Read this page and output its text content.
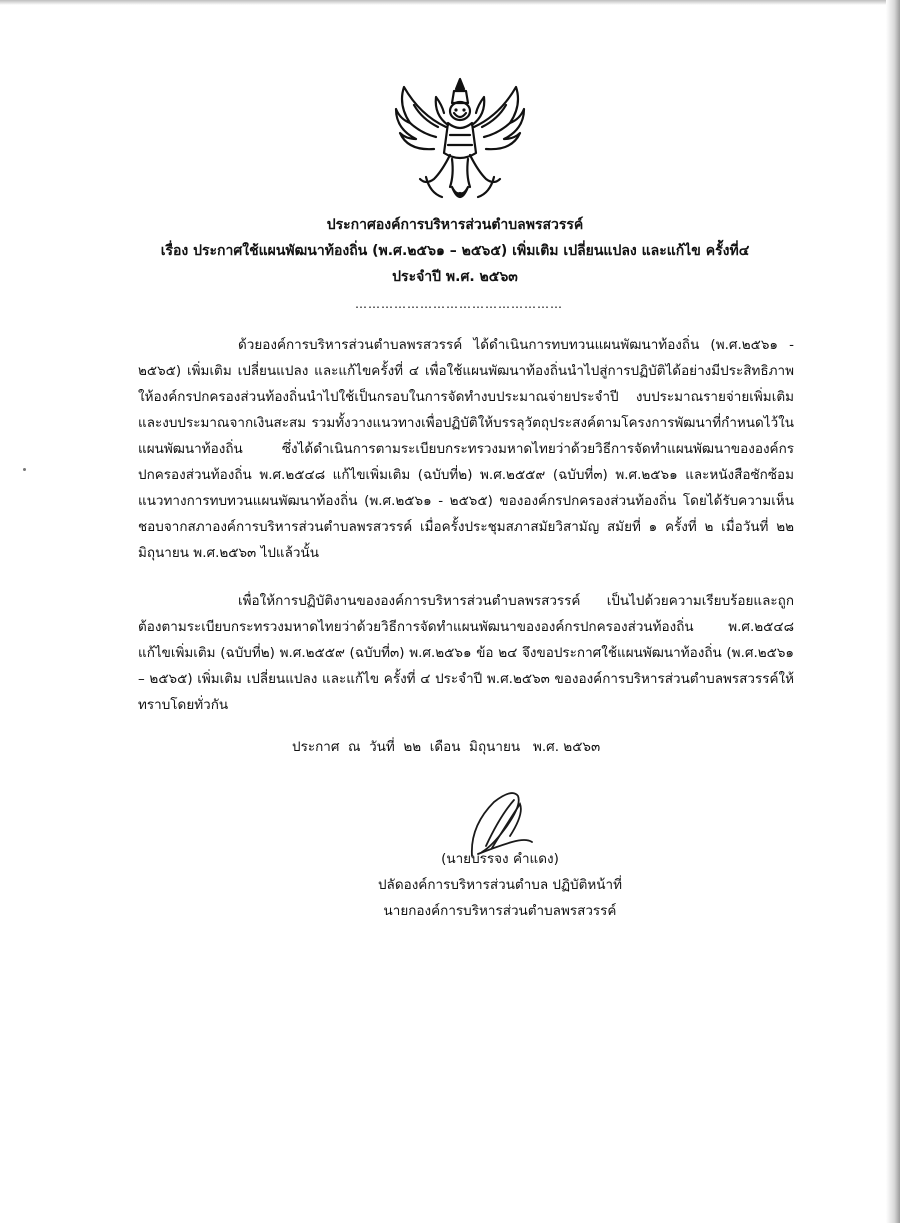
ประกาศองค์การบริหารส่วนตำบลพรสวรรค์
เรื่อง ประกาศใช้แผนพัฒนาท้องถิ่น (พ.ศ.๒๕๖๑ – ๒๕๖๕) เพิ่มเติม เปลี่ยนแปลง และแก้ไข ครั้งที่๔
ประจำปี พ.ศ. ๒๕๖๓
…………………………………………

ด้วยองค์การบริหารส่วนตำบลพรสวรรค์ ได้ดำเนินการทบทวนแผนพัฒนาท้องถิ่น (พ.ศ.๒๕๖๑ - ๒๕๖๕) เพิ่มเติม เปลี่ยนแปลง และแก้ไขครั้งที่ ๔ เพื่อใช้แผนพัฒนาท้องถิ่นนำไปสู่การปฏิบัติได้อย่างมีประสิทธิภาพ ให้องค์กรปกครองส่วนท้องถิ่นนำไปใช้เป็นกรอบในการจัดทำงบประมาณจ่ายประจำปี งบประมาณรายจ่ายเพิ่มเติม และงบประมาณจากเงินสะสม รวมทั้งวางแนวทางเพื่อปฏิบัติให้บรรลุวัตถุประสงค์ตามโครงการพัฒนาที่กำหนดไว้ในแผนพัฒนาท้องถิ่น ซึ่งได้ดำเนินการตามระเบียบกระทรวงมหาดไทยว่าด้วยวิธีการจัดทำแผนพัฒนาขององค์กรปกครองส่วนท้องถิ่น พ.ศ.๒๕๔๘ แก้ไขเพิ่มเติม (ฉบับที่๒) พ.ศ.๒๕๕๙ (ฉบับที่๓) พ.ศ.๒๕๖๑ และหนังสือซักซ้อมแนวทางการทบทวนแผนพัฒนาท้องถิ่น (พ.ศ.๒๕๖๑ - ๒๕๖๕) ขององค์กรปกครองส่วนท้องถิ่น โดยได้รับความเห็นชอบจากสภาองค์การบริหารส่วนตำบลพรสวรรค์ เมื่อครั้งประชุมสภาสมัยวิสามัญ สมัยที่ ๑ ครั้งที่ ๒ เมื่อวันที่ ๒๒ มิถุนายน พ.ศ.๒๕๖๓ ไปแล้วนั้น

เพื่อให้การปฏิบัติงานขององค์การบริหารส่วนตำบลพรสวรรค์ เป็นไปด้วยความเรียบร้อยและถูกต้องตามระเบียบกระทรวงมหาดไทยว่าด้วยวิธีการจัดทำแผนพัฒนาขององค์กรปกครองส่วนท้องถิ่น พ.ศ.๒๕๔๘ แก้ไขเพิ่มเติม (ฉบับที่๒) พ.ศ.๒๕๕๙ (ฉบับที่๓) พ.ศ.๒๕๖๑ ข้อ ๒๔ จึงขอประกาศใช้แผนพัฒนาท้องถิ่น (พ.ศ.๒๕๖๑ – ๒๕๖๕) เพิ่มเติม เปลี่ยนแปลง และแก้ไข ครั้งที่ ๔ ประจำปี พ.ศ.๒๕๖๓ ขององค์การบริหารส่วนตำบลพรสวรรค์ให้ทราบโดยทั่วกัน

ประกาศ  ณ  วันที่  ๒๒  เดือน  มิถุนายน   พ.ศ. ๒๕๖๓
(นายบรรจง คำแดง)
ปลัดองค์การบริหารส่วนตำบล ปฏิบัติหน้าที่
นายกองค์การบริหารส่วนตำบลพรสวรรค์
